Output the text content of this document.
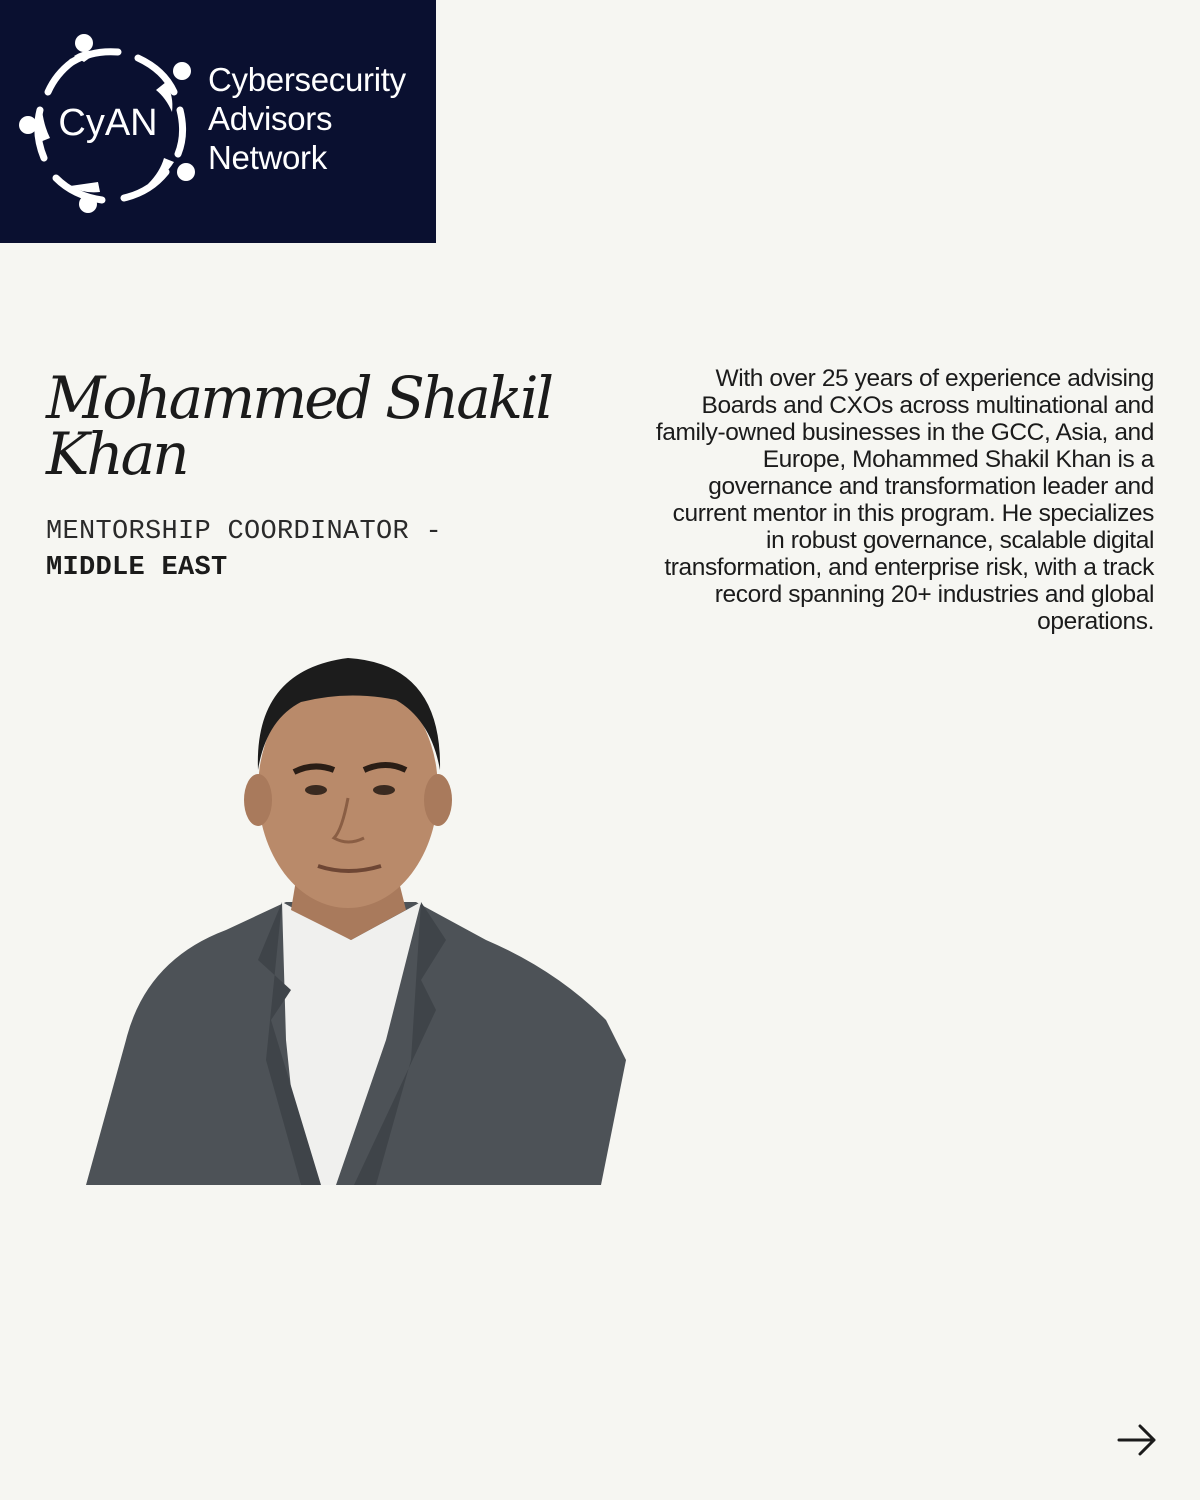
CyAN
Cybersecurity
Advisors
Network
Mohammed Shakil
Khan
MENTORSHIP COORDINATOR -
MIDDLE EAST

With over 25 years of experience advising Boards and CXOs across multinational and family-owned businesses in the GCC, Asia, and Europe, Mohammed Shakil Khan is a governance and transformation leader and current mentor in this program. He specializes in robust governance, scalable digital transformation, and enterprise risk, with a track record spanning 20+ industries and global operations.
